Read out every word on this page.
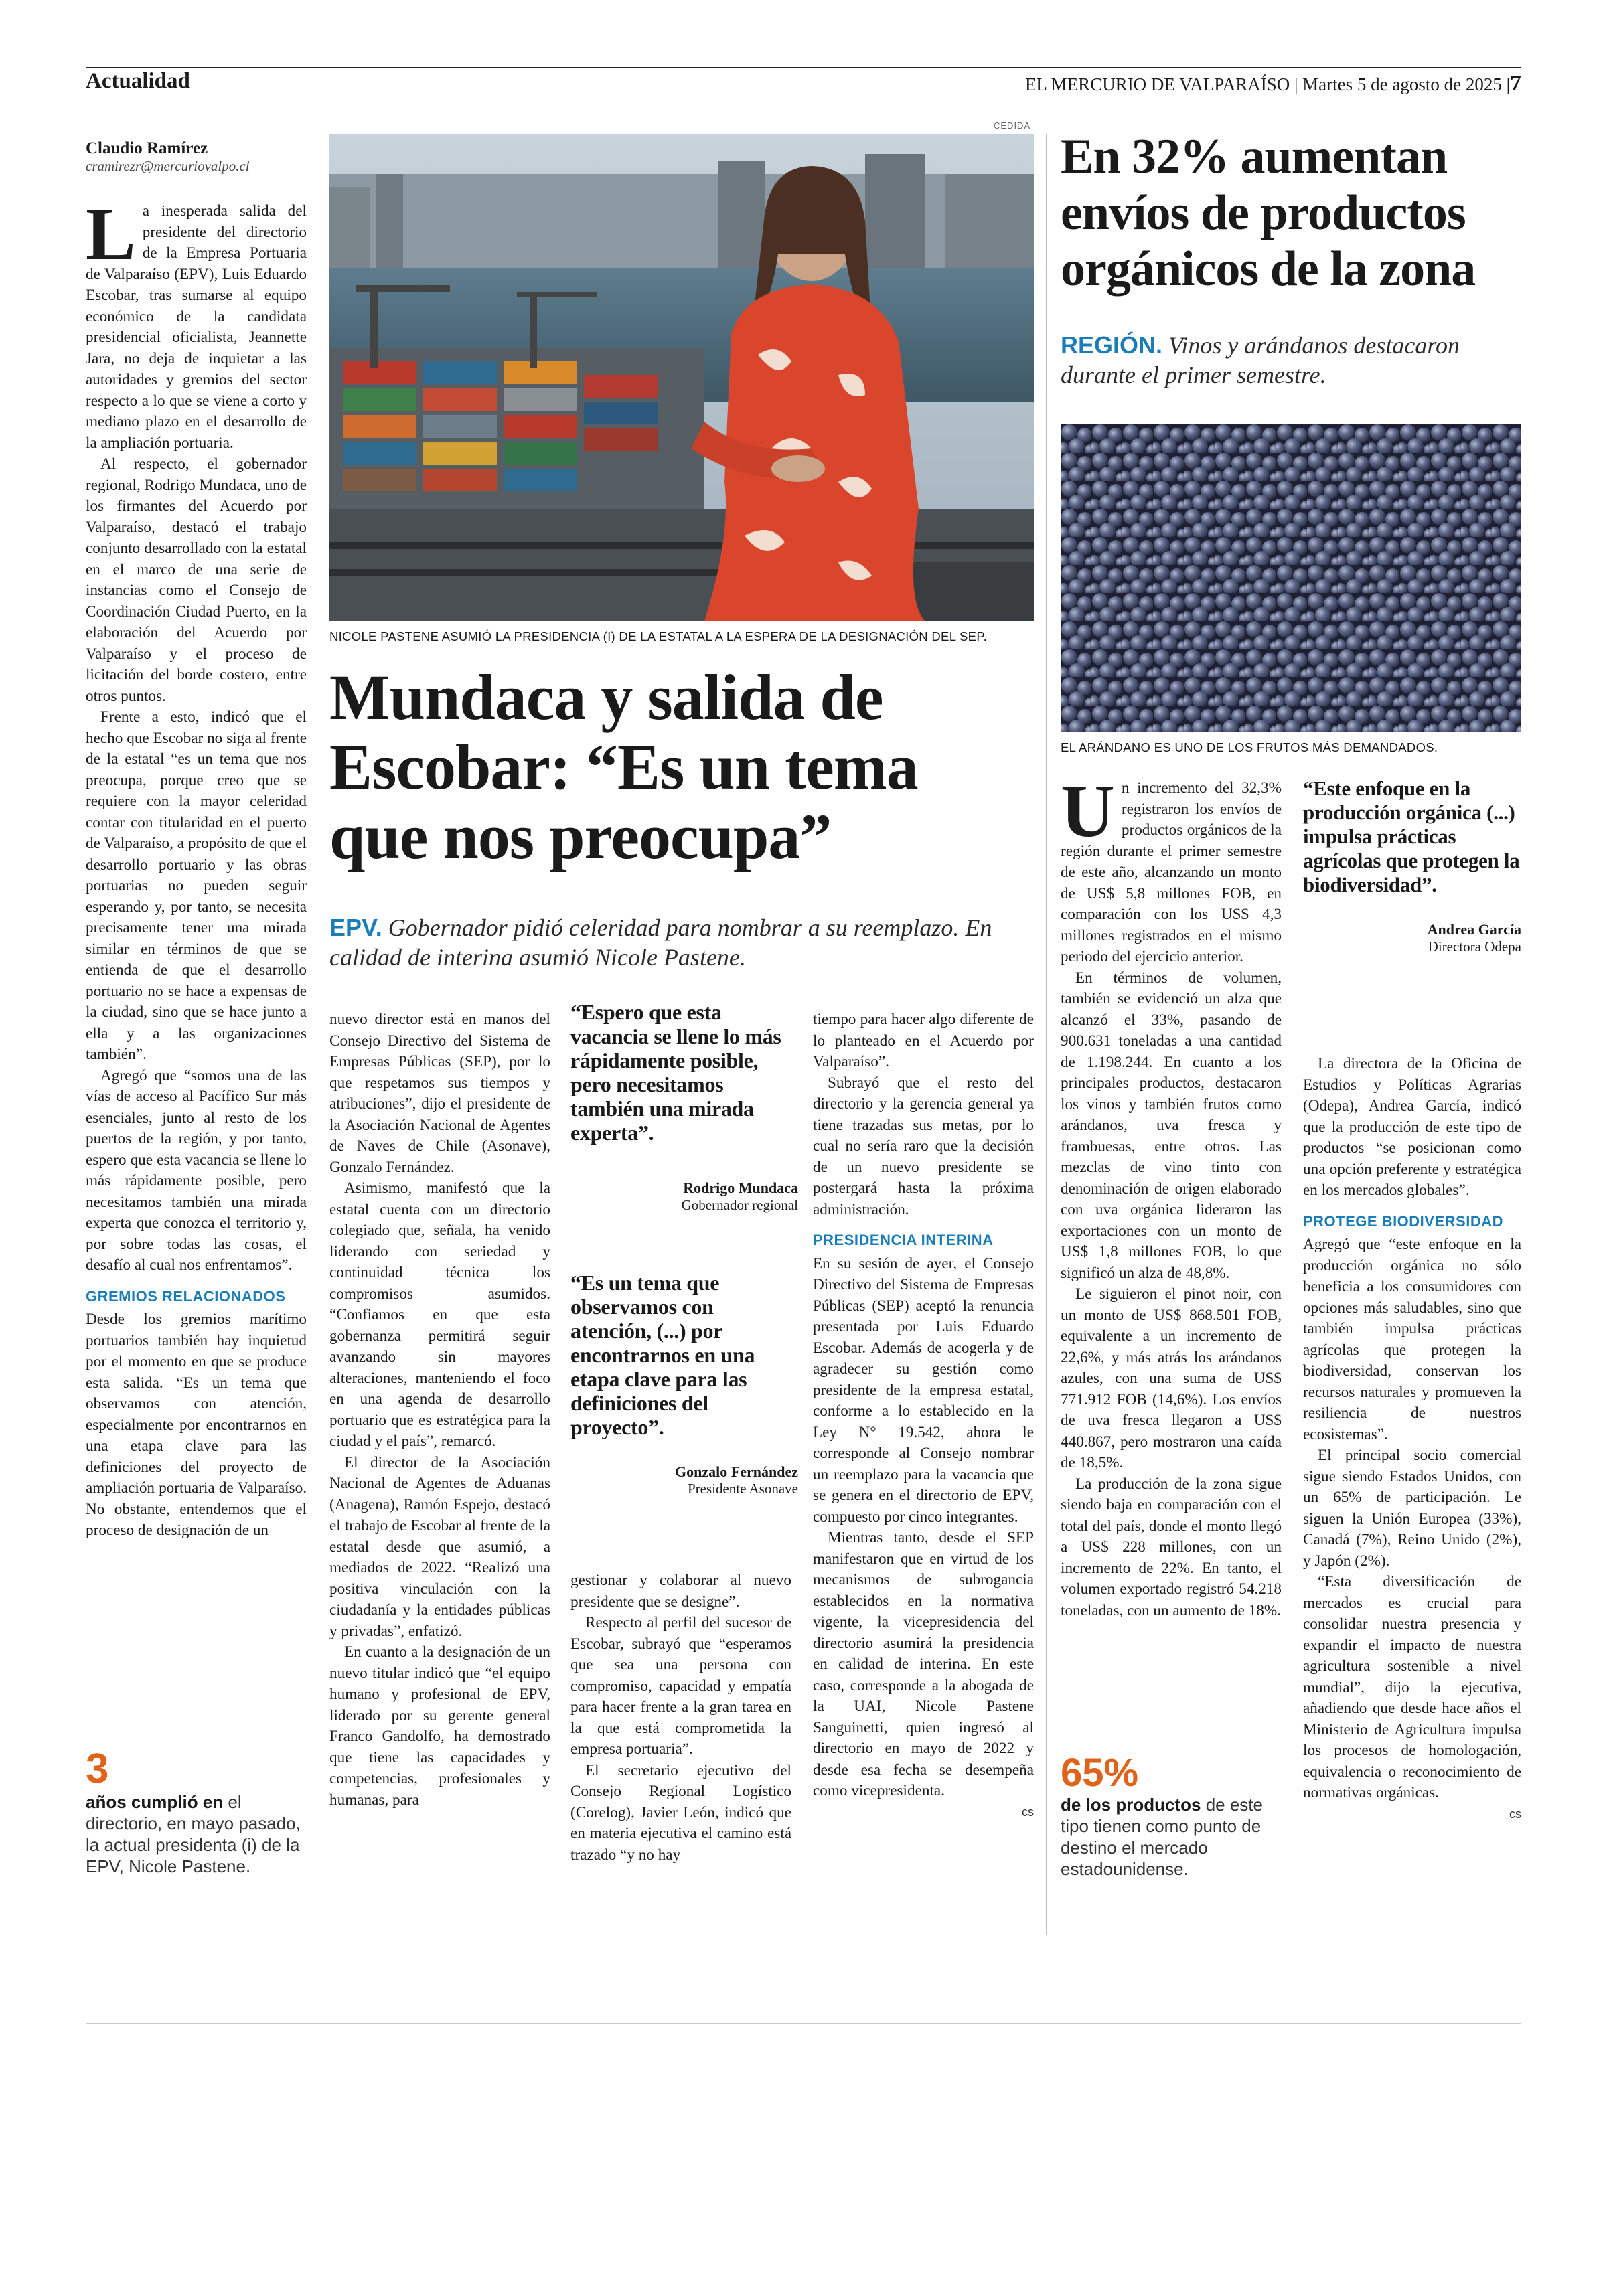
Actualidad	EL MERCURIO DE VALPARAÍSO | Martes 5 de agosto de 2025 |7
Claudio Ramírez
cramirezr@mercuriovalpo.cl
CEDIDA
NICOLE PASTENE ASUMIÓ LA PRESIDENCIA (I) DE LA ESTATAL A LA ESPERA DE LA DESIGNACIÓN DEL SEP.
Mundaca y salida de
Escobar: “Es un tema
que nos preocupa”
EPV. Gobernador pidió celeridad para nombrar a su reemplazo. En calidad de interina asumió Nicole Pastene.
L a inesperada salida del presidente del directorio de la Empresa Portuaria de Valparaíso (EPV), Luis Eduardo Escobar, tras sumarse al equipo económico de la candidata presidencial oficialista, Jeannette Jara, no deja de inquietar a las autoridades y gremios del sector respecto a lo que se viene a corto y mediano plazo en el desarrollo de la ampliación portuaria.

Al respecto, el gobernador regional, Rodrigo Mundaca, uno de los firmantes del Acuerdo por Valparaíso, destacó el trabajo conjunto desarrollado con la estatal en el marco de una serie de instancias como el Consejo de Coordinación Ciudad Puerto, en la elaboración del Acuerdo por Valparaíso y el proceso de licitación del borde costero, entre otros puntos.

Frente a esto, indicó que el hecho que Escobar no siga al frente de la estatal “es un tema que nos preocupa, porque creo que se requiere con la mayor celeridad contar con titularidad en el puerto de Valparaíso, a propósito de que el desarrollo portuario y las obras portuarias no pueden seguir esperando y, por tanto, se necesita precisamente tener una mirada similar en términos de que se entienda de que el desarrollo portuario no se hace a expensas de la ciudad, sino que se hace junto a ella y a las organizaciones también”.

Agregó que “somos una de las vías de acceso al Pacífico Sur más esenciales, junto al resto de los puertos de la región, y por tanto, espero que esta vacancia se llene lo más rápidamente posible, pero necesitamos también una mirada experta que conozca el territorio y, por sobre todas las cosas, el desafío al cual nos enfrentamos”.

GREMIOS RELACIONADOS

Desde los gremios marítimo portuarios también hay inquietud por el momento en que se produce esta salida. “Es un tema que observamos con atención, especialmente por encontrarnos en una etapa clave para las definiciones del proyecto de ampliación portuaria de Valparaíso. No obstante, entendemos que el proceso de designación de un

3
años cumplió en el directorio, en mayo pasado, la actual presidenta (i) de la EPV, Nicole Pastene.

nuevo director está en manos del Consejo Directivo del Sistema de Empresas Públicas (SEP), por lo que respetamos sus tiempos y atribuciones”, dijo el presidente de la Asociación Nacional de Agentes de Naves de Chile (Asonave), Gonzalo Fernández.

Asimismo, manifestó que la estatal cuenta con un directorio colegiado que, señala, ha venido liderando con seriedad y continuidad técnica los compromisos asumidos. “Confiamos en que esta gobernanza permitirá seguir avanzando sin mayores alteraciones, manteniendo el foco en una agenda de desarrollo portuario que es estratégica para la ciudad y el país”, remarcó.

El director de la Asociación Nacional de Agentes de Aduanas (Anagena), Ramón Espejo, destacó el trabajo de Escobar al frente de la estatal desde que asumió, a mediados de 2022. “Realizó una positiva vinculación con la ciudadanía y la entidades públicas y privadas”, enfatizó.

En cuanto a la designación de un nuevo titular indicó que “el equipo humano y profesional de EPV, liderado por su gerente general Franco Gandolfo, ha demostrado que tiene las capacidades y competencias, profesionales y humanas, para

“Espero que esta vacancia se llene lo más rápidamente posible, pero necesitamos también una mirada experta”.
Rodrigo Mundaca
Gobernador regional
“Es un tema que observamos con atención, (...) por encontrarnos en una etapa clave para las definiciones del proyecto”.
Gonzalo Fernández
Presidente Asonave

gestionar y colaborar al nuevo presidente que se designe”.

Respecto al perfil del sucesor de Escobar, subrayó que “esperamos que sea una persona con compromiso, capacidad y empatía para hacer frente a la gran tarea en la que está comprometida la empresa portuaria”.

El secretario ejecutivo del Consejo Regional Logístico (Corelog), Javier León, indicó que en materia ejecutiva el camino está trazado “y no hay

tiempo para hacer algo diferente de lo planteado en el Acuerdo por Valparaíso”.

Subrayó que el resto del directorio y la gerencia general ya tiene trazadas sus metas, por lo cual no sería raro que la decisión de un nuevo presidente se postergará hasta la próxima administración.

PRESIDENCIA INTERINA

En su sesión de ayer, el Consejo Directivo del Sistema de Empresas Públicas (SEP) aceptó la renuncia presentada por Luis Eduardo Escobar. Además de acogerla y de agradecer su gestión como presidente de la empresa estatal, conforme a lo establecido en la Ley N° 19.542, ahora le corresponde al Consejo nombrar un reemplazo para la vacancia que se genera en el directorio de EPV, compuesto por cinco integrantes.

Mientras tanto, desde el SEP manifestaron que en virtud de los mecanismos de subrogancia establecidos en la normativa vigente, la vicepresidencia del directorio asumirá la presidencia en calidad de interina. En este caso, corresponde a la abogada de la UAI, Nicole Pastene Sanguinetti, quien ingresó al directorio en mayo de 2022 y desde esa fecha se desempeña como vicepresidenta.

cs
En 32% aumentan
envíos de productos
orgánicos de la zona
REGIÓN. Vinos y arándanos destacaron durante el primer semestre.
EL ARÁNDANO ES UNO DE LOS FRUTOS MÁS DEMANDADOS.
U n incremento del 32,3% registraron los envíos de productos orgánicos de la región durante el primer semestre de este año, alcanzando un monto de US$ 5,8 millones FOB, en comparación con los US$ 4,3 millones registrados en el mismo periodo del ejercicio anterior.

En términos de volumen, también se evidenció un alza que alcanzó el 33%, pasando de 900.631 toneladas a una cantidad de 1.198.244. En cuanto a los principales productos, destacaron los vinos y también frutos como arándanos, uva fresca y frambuesas, entre otros. Las mezclas de vino tinto con denominación de origen elaborado con uva orgánica lideraron las exportaciones con un monto de US$ 1,8 millones FOB, lo que significó un alza de 48,8%.

Le siguieron el pinot noir, con un monto de US$ 868.501 FOB, equivalente a un incremento de 22,6%, y más atrás los arándanos azules, con una suma de US$ 771.912 FOB (14,6%). Los envíos de uva fresca llegaron a US$ 440.867, pero mostraron una caída de 18,5%.

La producción de la zona sigue siendo baja en comparación con el total del país, donde el monto llegó a US$ 228 millones, con un incremento de 22%. En tanto, el volumen exportado registró 54.218 toneladas, con un aumento de 18%.

65%
de los productos de este tipo tienen como punto de destino el mercado estadounidense.
“Este enfoque en la producción orgánica (...) impulsa prácticas agrícolas que protegen la biodiversidad”.
Andrea García
Directora Odepa

La directora de la Oficina de Estudios y Políticas Agrarias (Odepa), Andrea García, indicó que la producción de este tipo de productos “se posicionan como una opción preferente y estratégica en los mercados globales”.

PROTEGE BIODIVERSIDAD

Agregó que “este enfoque en la producción orgánica no sólo beneficia a los consumidores con opciones más saludables, sino que también impulsa prácticas agrícolas que protegen la biodiversidad, conservan los recursos naturales y promueven la resiliencia de nuestros ecosistemas”.

El principal socio comercial sigue siendo Estados Unidos, con un 65% de participación. Le siguen la Unión Europea (33%), Canadá (7%), Reino Unido (2%), y Japón (2%).

“Esta diversificación de mercados es crucial para consolidar nuestra presencia y expandir el impacto de nuestra agricultura sostenible a nivel mundial”, dijo la ejecutiva, añadiendo que desde hace años el Ministerio de Agricultura impulsa los procesos de homologación, equivalencia o reconocimiento de normativas orgánicas.

cs
